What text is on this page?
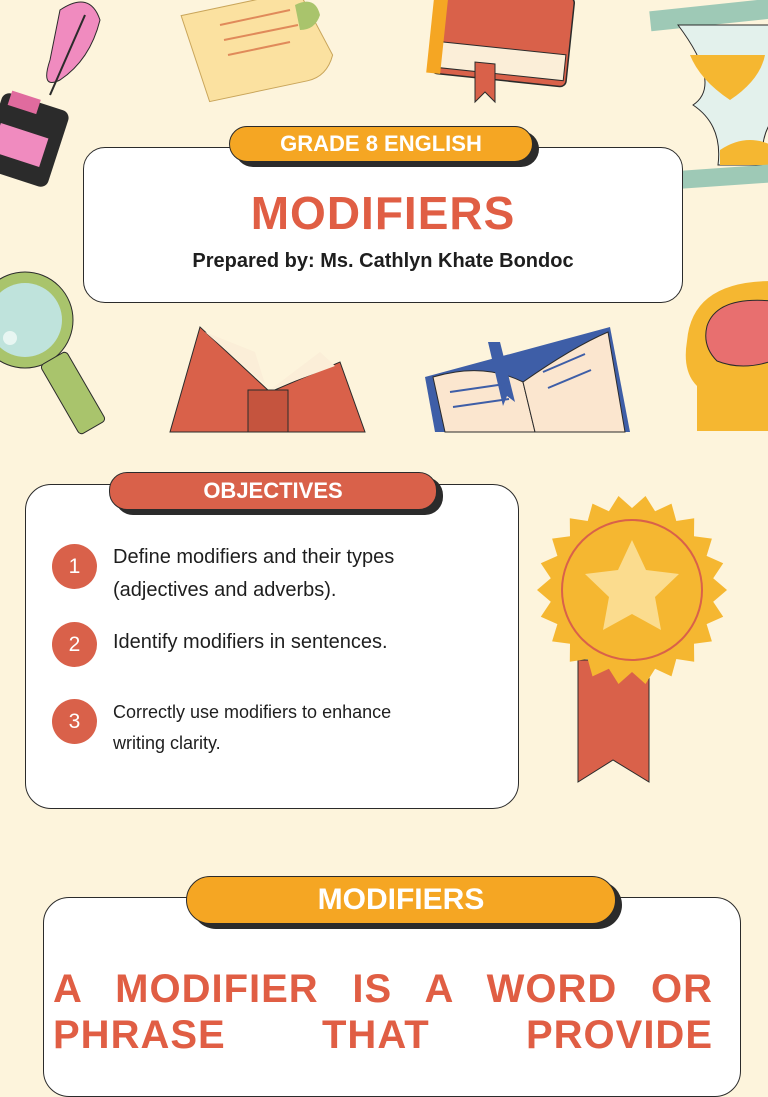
GRADE 8 ENGLISH
MODIFIERS
Prepared by: Ms. Cathlyn Khate Bondoc
OBJECTIVES
1	Define modifiers and their types
(adjectives and adverbs).
2	Identify modifiers in sentences.
3	Correctly use modifiers to enhance
writing clarity.
MODIFIERS
A MODIFIER IS A WORD OR PHRASE THAT PROVIDE
